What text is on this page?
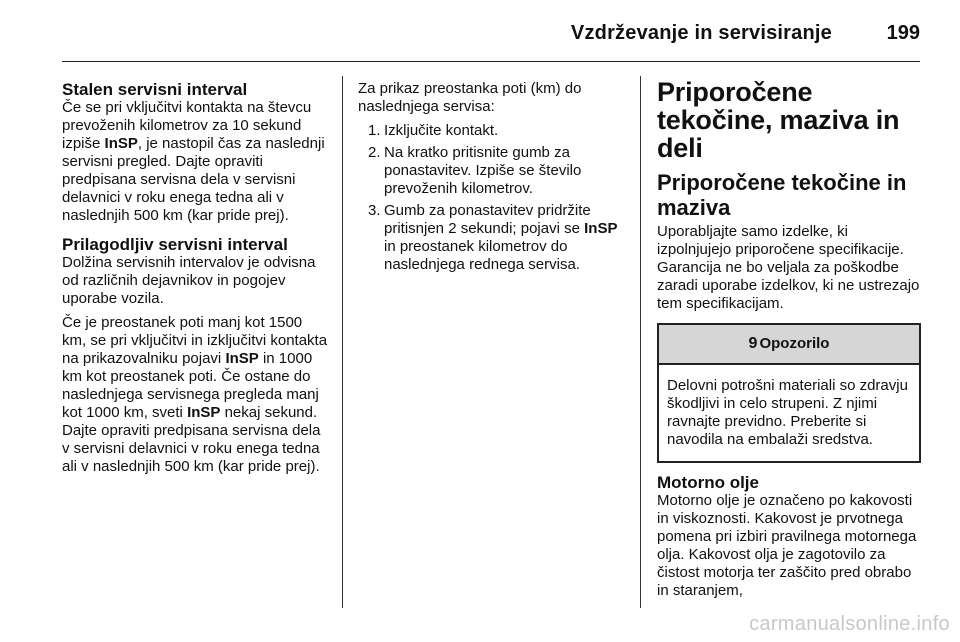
Vzdrževanje in servisiranje	199
Stalen servisni interval

Če se pri vključitvi kontakta na števcu prevoženih kilometrov za 10 sekund izpiše InSP, je nastopil čas za naslednji servisni pregled. Dajte opraviti predpisana servisna dela v servisni delavnici v roku enega tedna ali v naslednjih 500 km (kar pride prej).

Prilagodljiv servisni interval

Dolžina servisnih intervalov je odvisna od različnih dejavnikov in pogojev uporabe vozila.

Če je preostanek poti manj kot 1500 km, se pri vključitvi in izključitvi kontakta na prikazovalniku pojavi InSP in 1000 km kot preostanek poti. Če ostane do naslednjega servisnega pregleda manj kot 1000 km, sveti InSP nekaj sekund. Dajte opraviti predpisana servisna dela v servisni delavnici v roku enega tedna ali v naslednjih 500 km (kar pride prej).

Za prikaz preostanka poti (km) do naslednjega servisa:

1. Izključite kontakt.
2. Na kratko pritisnite gumb za ponastavitev. Izpiše se število prevoženih kilometrov.
3. Gumb za ponastavitev pridržite pritisnjen 2 sekundi; pojavi se InSP in preostanek kilometrov do naslednjega rednega servisa.
Priporočene tekočine, maziva in deli
Priporočene tekočine in maziva

Uporabljajte samo izdelke, ki izpolnjujejo priporočene specifikacije. Garancija ne bo veljala za poškodbe zaradi uporabe izdelkov, ki ne ustrezajo tem specifikacijam.

9 Opozorilo
Delovni potrošni materiali so zdravju škodljivi in celo strupeni. Z njimi ravnajte previdno. Preberite si navodila na embalaži sredstva.
Motorno olje

Motorno olje je označeno po kakovosti in viskoznosti. Kakovost je prvotnega pomena pri izbiri pravilnega motornega olja. Kakovost olja je zagotovilo za čistost motorja ter zaščito pred obrabo in staranjem,

carmanualsonline.info
